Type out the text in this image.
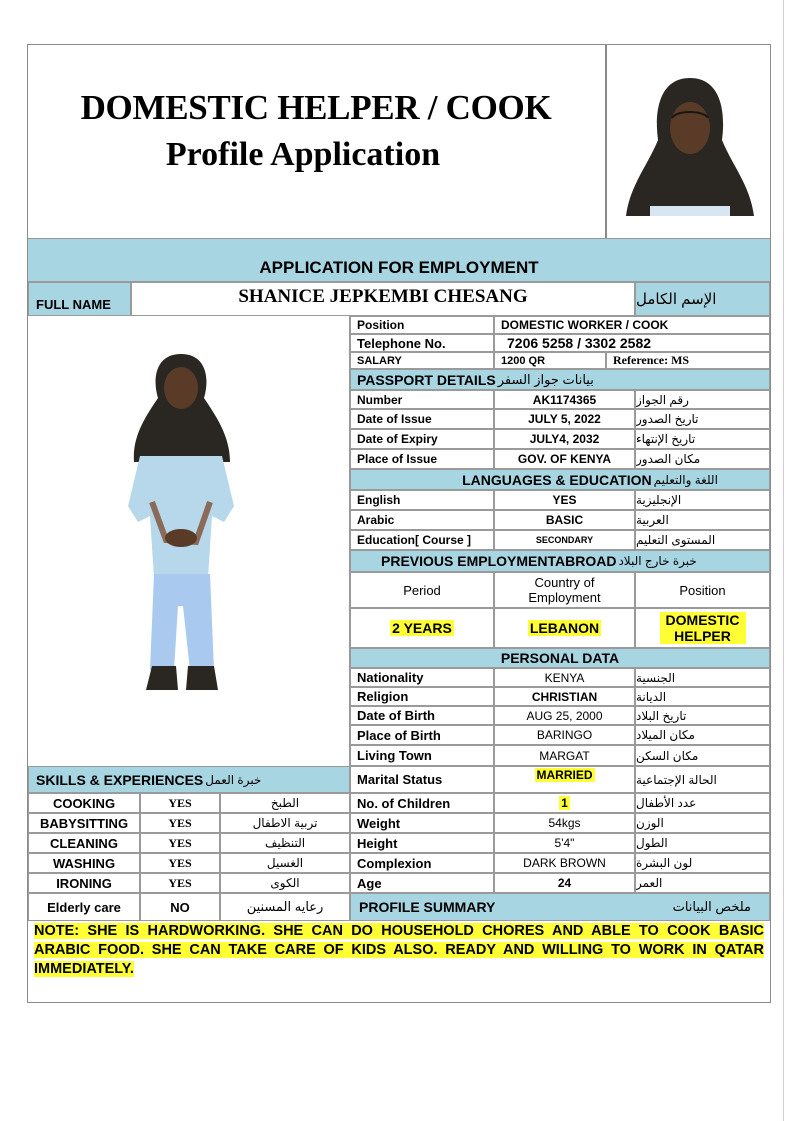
DOMESTIC HELPER / COOK
Profile Application
APPLICATION FOR EMPLOYMENT
FULL NAME	SHANICE JEPKEMBI CHESANG	الإسم الكامل
Position	DOMESTIC WORKER / COOK
Telephone No.	7206 5258 / 3302 2582
SALARY	1200 QR	Reference: MS
PASSPORT DETAILS بيانات جواز السفر
Number	AK1174365	رقم الجواز
Date of Issue	JULY 5, 2022	تاريخ الصدور
Date of Expiry	JULY4, 2032	تاريخ الإنتهاء
Place of Issue	GOV. OF KENYA	مكان الصدور
LANGUAGES & EDUCATION اللغة والتعليم
English	YES	الإنجليزية
Arabic	BASIC	العربية
Education[ Course ]	SECONDARY	المستوى التعليم
PREVIOUS EMPLOYMENTABROAD خبرة خارج البلاد
Period	Country of Employment	Position
2 YEARS	LEBANON	DOMESTIC HELPER
PERSONAL DATA
Nationality	KENYA	الجنسية
Religion	CHRISTIAN	الديانة
Date of Birth	AUG 25, 2000	تاريخ البلاد
Place of Birth	BARINGO	مكان الميلاد
Living Town	MARGAT	مكان السكن
Marital Status	MARRIED	الحالة الإجتماعية
No. of Children	1	عدد الأطفال
Weight	54kgs	الوزن
Height	5'4"	الطول
Complexion	DARK BROWN	لون البشرة
Age	24	العمر
SKILLS & EXPERIENCES خبرة العمل
COOKING	YES	الطبخ
BABYSITTING	YES	تربية الاطفال
CLEANING	YES	التنظيف
WASHING	YES	الغسيل
IRONING	YES	الكوى
Elderly care	NO	رعايه المسنين	PROFILE SUMMARY	ملخص البيانات
NOTE: SHE IS HARDWORKING. SHE CAN DO HOUSEHOLD CHORES AND ABLE TO COOK BASIC ARABIC FOOD. SHE CAN TAKE CARE OF KIDS ALSO. READY AND WILLING TO WORK IN QATAR IMMEDIATELY.
